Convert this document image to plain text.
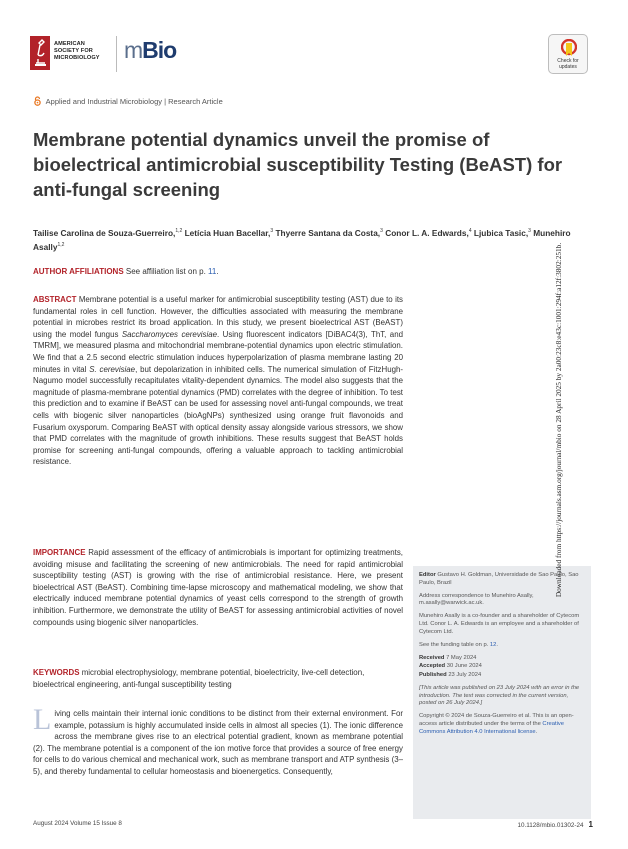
AMERICAN
SOCIETY FOR
MICROBIOLOGY mBio	Check for
updates
Applied and Industrial Microbiology | Research Article
Membrane potential dynamics unveil the promise of bioelectrical antimicrobial susceptibility Testing (BeAST) for anti-fungal screening
Tailise Carolina de Souza-Guerreiro,$^{1,2}$ Letícia Huan Bacellar,$^3$ Thyerre Santana da Costa,$^3$ Conor L. A. Edwards,$^4$ Ljubica Tasic,$^3$ Munehiro Asally$^{1,2}$
AUTHOR AFFILIATIONS See affiliation list on p. 11.
ABSTRACT Membrane potential is a useful marker for antimicrobial susceptibility testing (AST) due to its fundamental roles in cell function. However, the difficulties associated with measuring the membrane potential in microbes restrict its broad application. In this study, we present bioelectrical AST (BeAST) using the model fungus Saccharomyces cerevisiae. Using fluorescent indicators [DiBAC4(3), ThT, and TMRM], we measured plasma and mitochondrial membrane-potential dynamics upon electric stimulation. We find that a 2.5 second electric stimulation induces hyperpolarization of plasma membrane lasting 20 minutes in vital S. cerevisiae, but depolarization in inhibited cells. The numerical simulation of FitzHugh-Nagumo model successfully recapitulates vitality-dependent dynamics. The model also suggests that the magnitude of plasma-membrane potential dynamics (PMD) correlates with the degree of inhibition. To test this prediction and to examine if BeAST can be used for assessing novel anti-fungal compounds, we treat cells with biogenic silver nanoparticles (bioAgNPs) synthesized using orange fruit flavonoids and Fusarium oxysporum. Comparing BeAST with optical density assay alongside various stressors, we show that PMD correlates with the magnitude of growth inhibitions. These results suggest that BeAST holds promise for screening anti-fungal compounds, offering a valuable approach to tackling antimicrobial resistance.
IMPORTANCE Rapid assessment of the efficacy of antimicrobials is important for optimizing treatments, avoiding misuse and facilitating the screening of new antimicrobials. The need for rapid antimicrobial susceptibility testing (AST) is growing with the rise of antimicrobial resistance. Here, we present bioelectrical AST (BeAST). Combining time-lapse microscopy and mathematical modeling, we show that electrically induced membrane potential dynamics of yeast cells correspond to the strength of growth inhibition. Furthermore, we demonstrate the utility of BeAST for assessing antimicrobial activities of novel compounds using biogenic silver nanoparticles.
KEYWORDS microbial electrophysiology, membrane potential, bioelectricity, live-cell detection, bioelectrical engineering, anti-fungal susceptibility testing
Living cells maintain their internal ionic conditions to be distinct from their external environment. For example, potassium is highly accumulated inside cells in almost all species (1). The ionic difference across the membrane gives rise to an electrical potential gradient, known as membrane potential (2). The membrane potential is a component of the ion motive force that provides a source of free energy for cells to do various chemical and mechanical work, such as membrane transport and ATP synthesis (3–5), and thereby fundamental to cellular homeostasis and bioenergetics. Consequently,

Editor Gustavo H. Goldman, Universidade de Sao Paulo, Sao Paulo, Brazil

Address correspondence to Munehiro Asally, m.asally@warwick.ac.uk.

Munehiro Asally is a co-founder and a shareholder of Cytecom Ltd. Conor L. A. Edwards is an employee and a shareholder of Cytecom Ltd.

See the funding table on p. 12.

Received 7 May 2024

Accepted 30 June 2024

Published 23 July 2024

[This article was published on 23 July 2024 with an error in the introduction. The text was corrected in the current version, posted on 26 July 2024.]

Copyright © 2024 de Souza-Guerreiro et al. This is an open-access article distributed under the terms of the Creative Commons Attribution 4.0 International license.

August 2024 Volume 15 Issue 8	10.1128/mbio.01302-24 1
Downloaded from https://journals.asm.org/journal/mbio on 28 April 2025 by 2a00:23c8:e43c:1001:294f:a12f:3802:251b.
